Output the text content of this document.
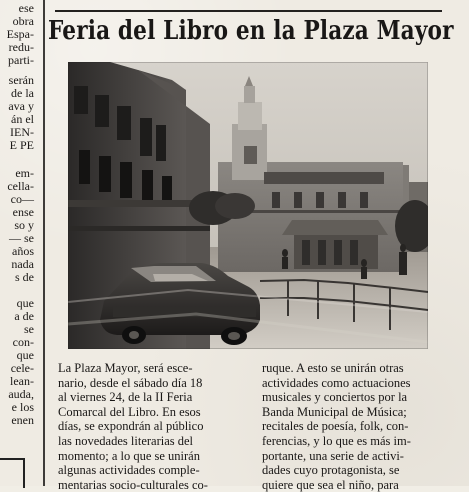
ese
obra
Espa-
redu-
parti-
serán
de la
ava y
án el
IEN-
E PE
em-
cella-
co—
ense
so y
— se
años
nada
s de
que
a de
se
con-
que
cele-
lean-
auda,
e los
enen
Feria del Libro en la Plaza Mayor
La Plaza Mayor, será esce-
nario, desde el sábado día 18
al viernes 24, de la II Feria
Comarcal del Libro. En esos
días, se expondrán al público
las novedades literarias del
momento; a lo que se unirán
algunas actividades comple-
mentarias socio-culturales co-
ruque. A esto se unirán otras
actividades como actuaciones
musicales y conciertos por la
Banda Municipal de Música;
recitales de poesía, folk, con-
ferencias, y lo que es más im-
portante, una serie de activi-
dades cuyo protagonista, se
quiere que sea el niño, para
